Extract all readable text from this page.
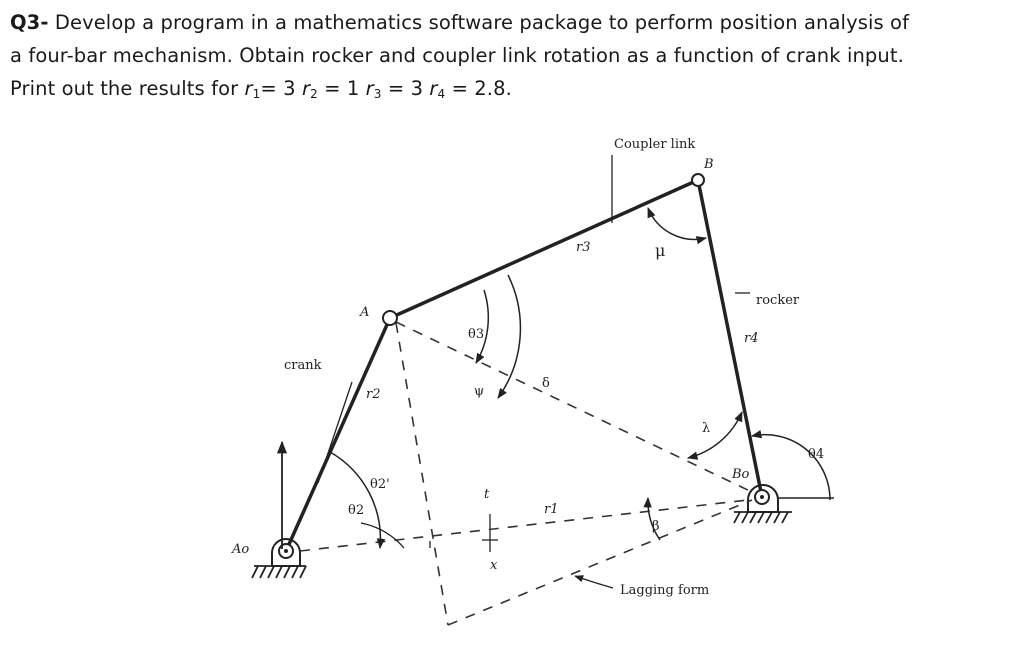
Q3- Develop a program in a mathematics software package to perform position analysis of
a four-bar mechanism. Obtain rocker and coupler link rotation as a function of crank input.
Print out the results for $r_1= 3$ $r_2 = 1$ $r_3 = 3$ $r_4 = 2.8$.
Coupler link
B
r3	μ
rocker
A
θ3	r4
crank
r2	ψ
δ
λ
θ4
Bo
θ2'
θ2
t
r1
β
Ao
x
Lagging form
